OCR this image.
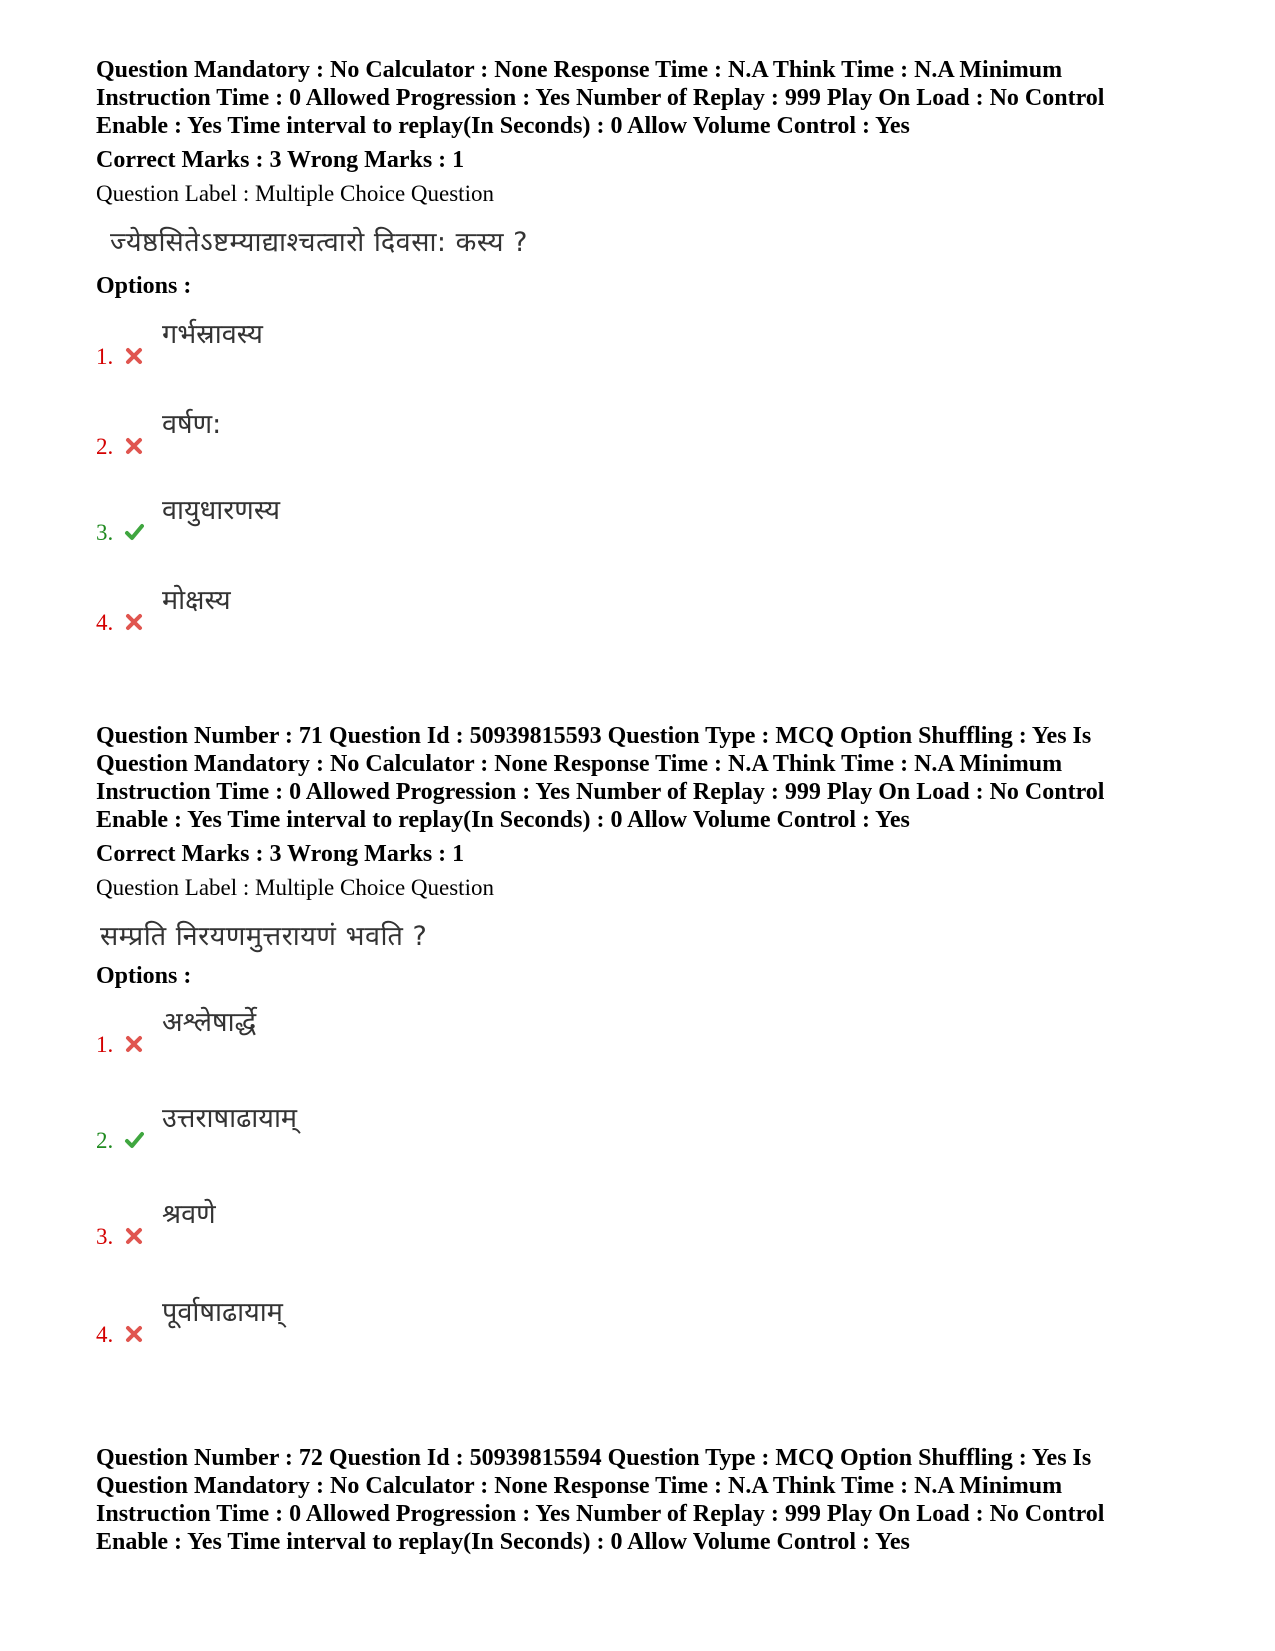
Question Mandatory : No Calculator : None Response Time : N.A Think Time : N.A Minimum

Instruction Time : 0 Allowed Progression : Yes Number of Replay : 999 Play On Load : No Control

Enable : Yes Time interval to replay(In Seconds) : 0 Allow Volume Control : Yes

Correct Marks : 3 Wrong Marks : 1

Question Label : Multiple Choice Question

ज्येष्ठसितेऽष्टम्याद्याश्चत्वारो दिवसा: कस्य ?
Options :
1.
गर्भस्रावस्य
2.
वर्षण:
3.
वायुधारणस्य
4.
मोक्षस्य

Question Number : 71 Question Id : 50939815593 Question Type : MCQ Option Shuffling : Yes Is

Question Mandatory : No Calculator : None Response Time : N.A Think Time : N.A Minimum

Instruction Time : 0 Allowed Progression : Yes Number of Replay : 999 Play On Load : No Control

Enable : Yes Time interval to replay(In Seconds) : 0 Allow Volume Control : Yes

Correct Marks : 3 Wrong Marks : 1

Question Label : Multiple Choice Question

सम्प्रति निरयणमुत्तरायणं भवति ?
Options :
1.
अश्लेषार्द्धे
2.
उत्तराषाढायाम्
3.
श्रवणे
4.
पूर्वाषाढायाम्

Question Number : 72 Question Id : 50939815594 Question Type : MCQ Option Shuffling : Yes Is

Question Mandatory : No Calculator : None Response Time : N.A Think Time : N.A Minimum

Instruction Time : 0 Allowed Progression : Yes Number of Replay : 999 Play On Load : No Control

Enable : Yes Time interval to replay(In Seconds) : 0 Allow Volume Control : Yes
